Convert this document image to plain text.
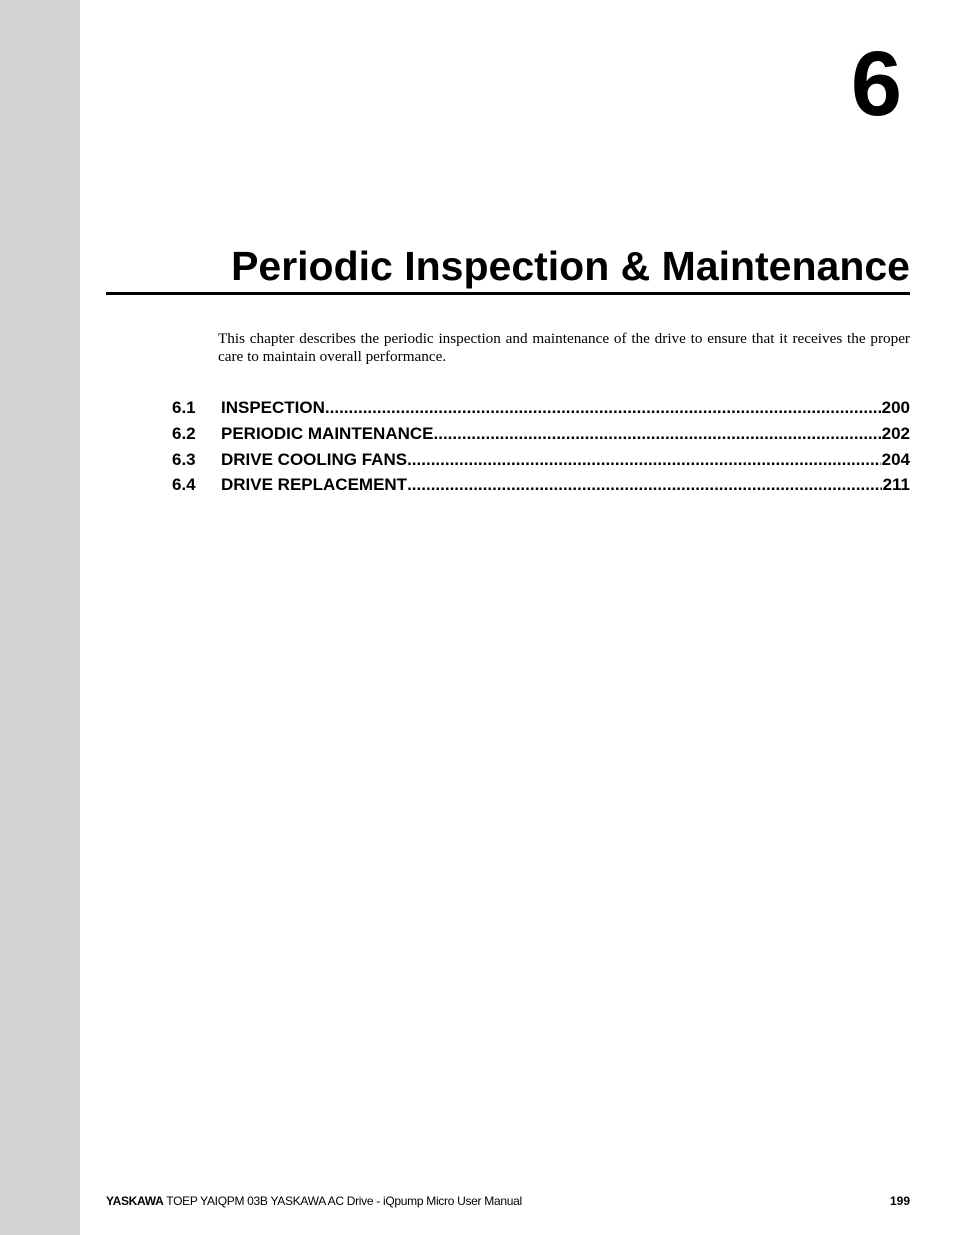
6
Periodic Inspection & Maintenance
This chapter describes the periodic inspection and maintenance of the drive to ensure that it receives the proper care to maintain overall performance.
6.1	INSPECTION .....	200
6.2	PERIODIC MAINTENANCE .....	202
6.3	DRIVE COOLING FANS .....	204
6.4	DRIVE REPLACEMENT .....	211
YASKAWA TOEP YAIQPM 03B YASKAWA AC Drive - iQpump Micro User Manual	199
